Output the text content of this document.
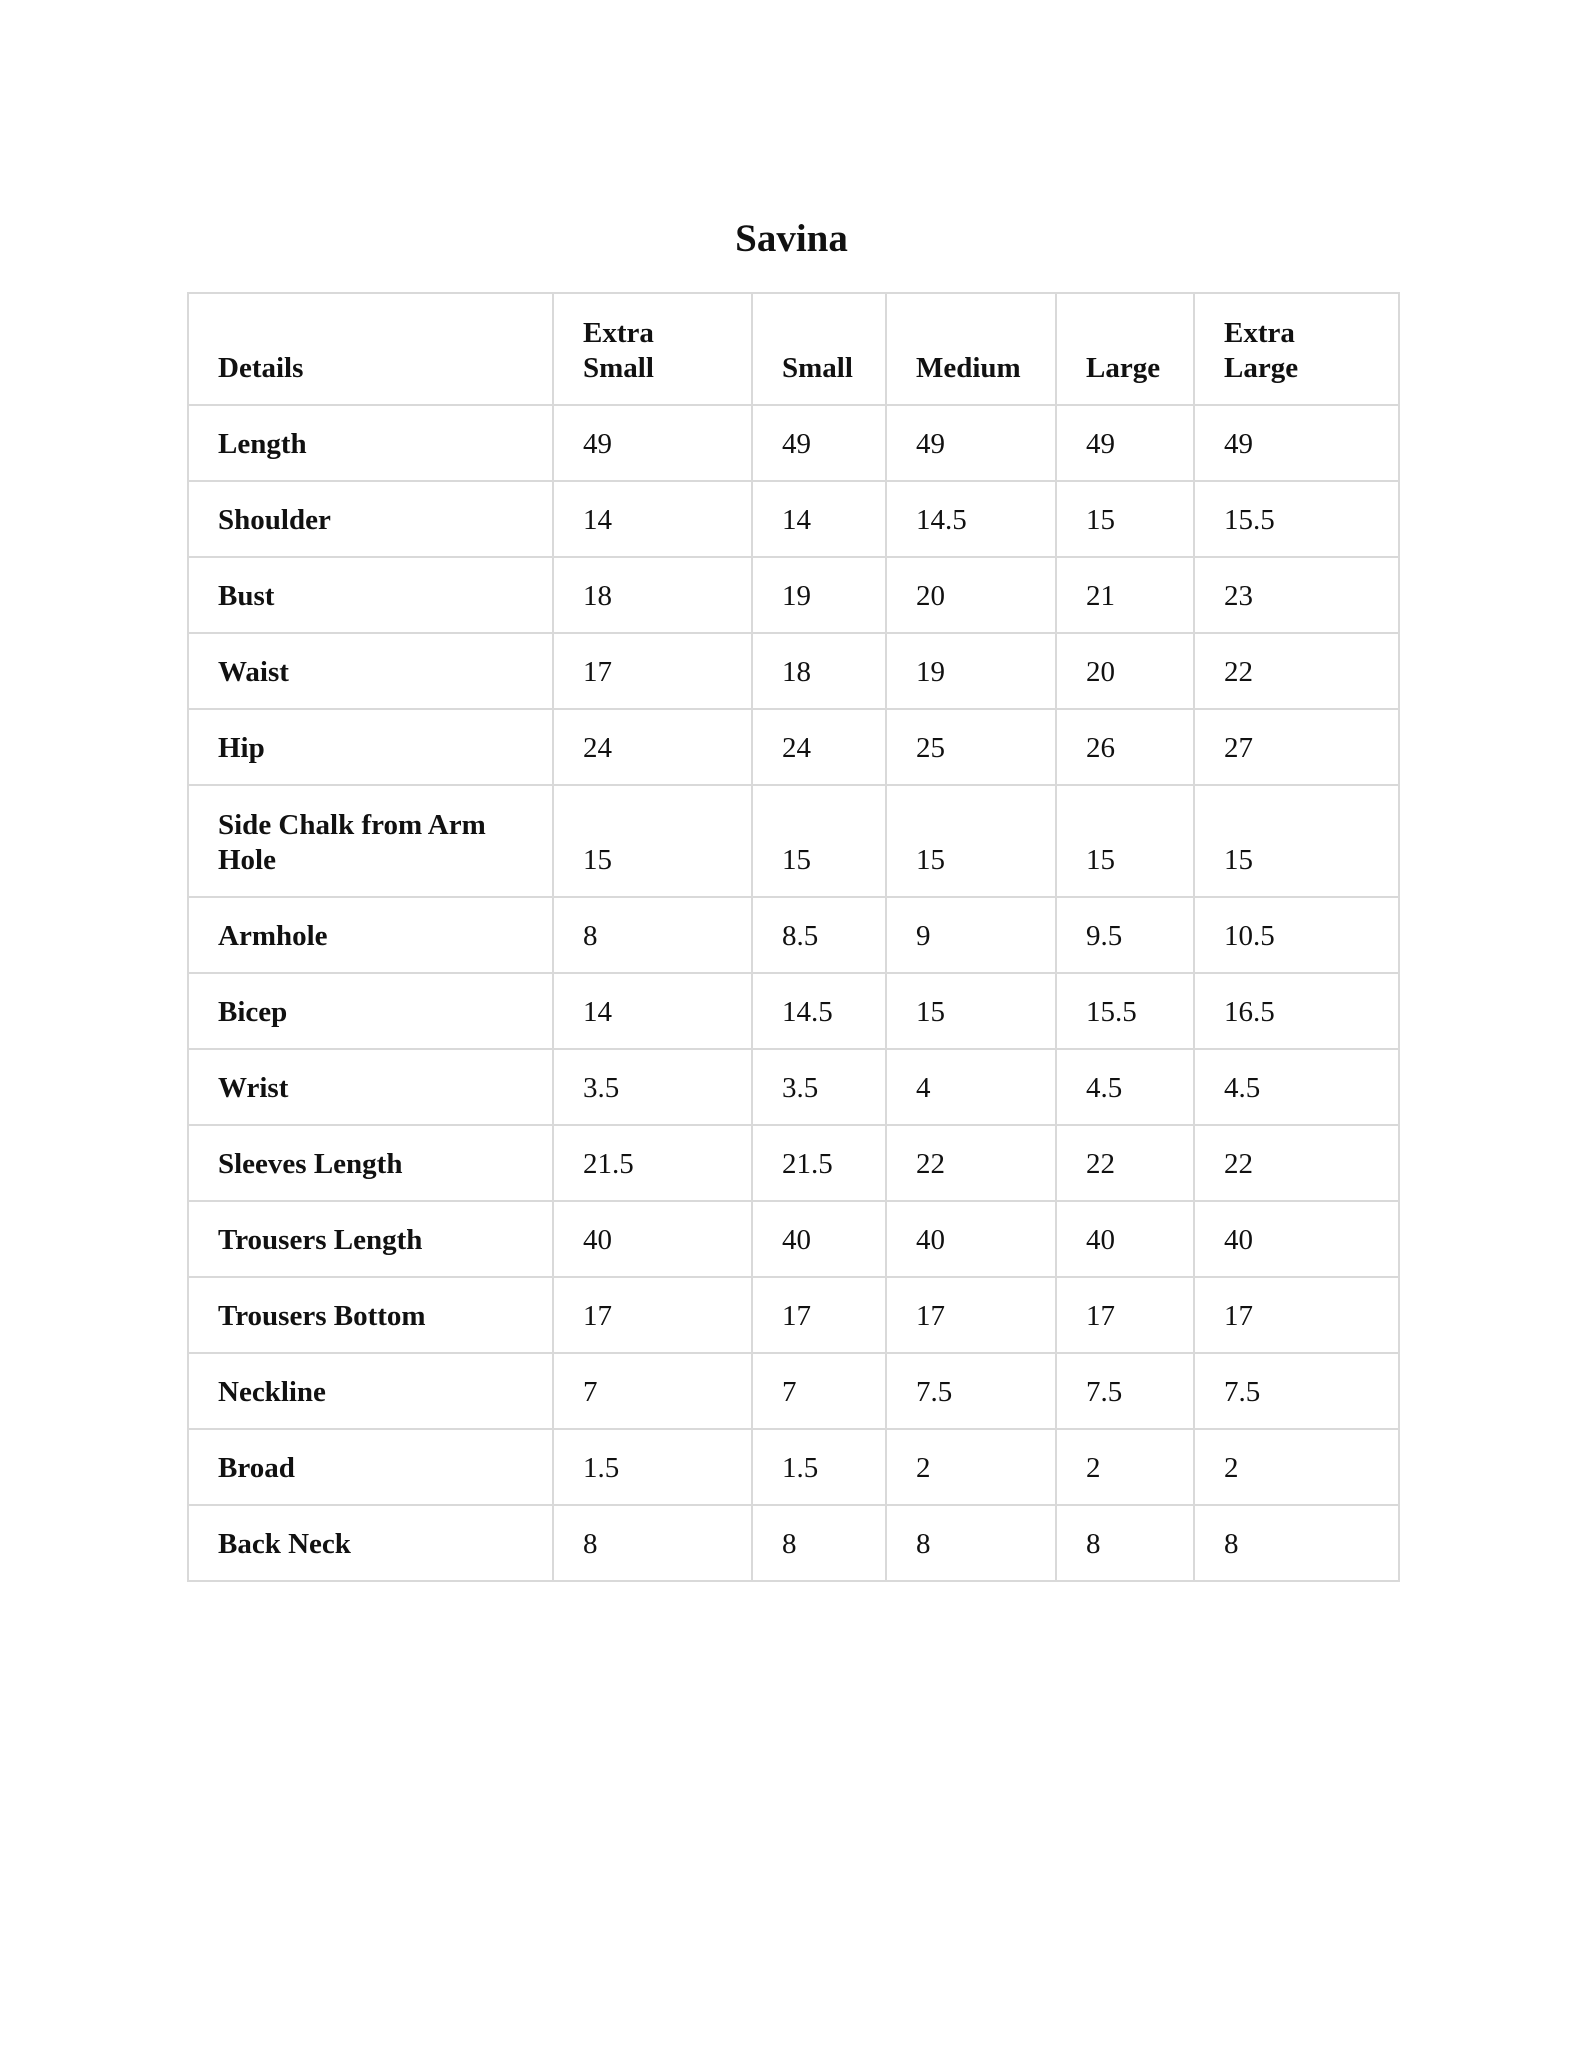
Savina
Details	Extra Small	Small	Medium	Large	Extra Large
Length	49	49	49	49	49
Shoulder	14	14	14.5	15	15.5
Bust	18	19	20	21	23
Waist	17	18	19	20	22
Hip	24	24	25	26	27
Side Chalk from Arm Hole	15	15	15	15	15
Armhole	8	8.5	9	9.5	10.5
Bicep	14	14.5	15	15.5	16.5
Wrist	3.5	3.5	4	4.5	4.5
Sleeves Length	21.5	21.5	22	22	22
Trousers Length	40	40	40	40	40
Trousers Bottom	17	17	17	17	17
Neckline	7	7	7.5	7.5	7.5
Broad	1.5	1.5	2	2	2
Back Neck	8	8	8	8	8
